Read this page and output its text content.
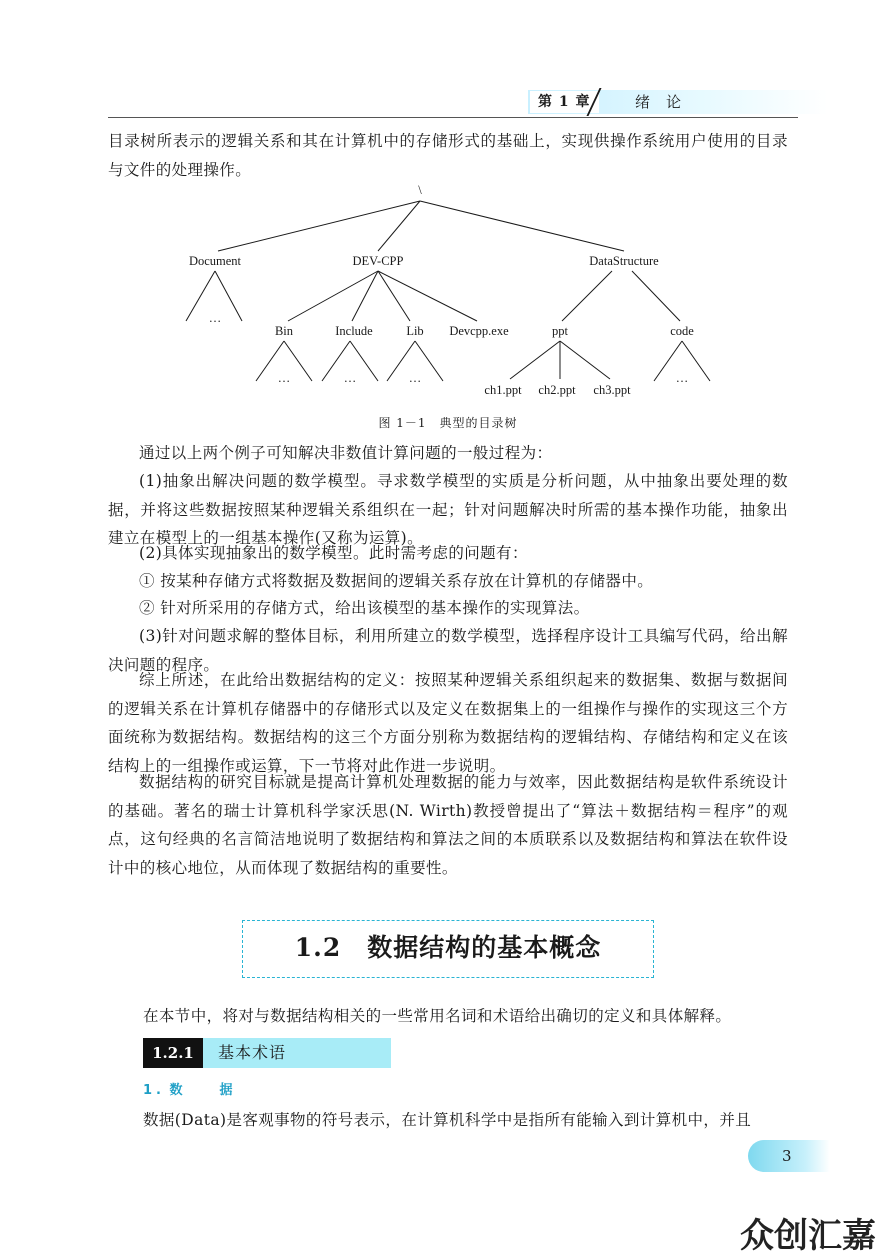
第 1 章	绪论

目录树所表示的逻辑关系和其在计算机中的存储形式的基础上，实现供操作系统用户使用的目录与文件的处理操作。

\
Document	DEV-CPP	DataStructure
Bin	Include	Lib Devcpp.exe	ppt	code
ch1.ppt ch2.ppt ch3.ppt
…
…	…	…	…
图 1－1　典型的目录树

通过以上两个例子可知解决非数值计算问题的一般过程为：

(1)抽象出解决问题的数学模型。寻求数学模型的实质是分析问题，从中抽象出要处理的数据，并将这些数据按照某种逻辑关系组织在一起；针对问题解决时所需的基本操作功能，抽象出建立在模型上的一组基本操作(又称为运算)。

(2)具体实现抽象出的数学模型。此时需考虑的问题有：

① 按某种存储方式将数据及数据间的逻辑关系存放在计算机的存储器中。

② 针对所采用的存储方式，给出该模型的基本操作的实现算法。

(3)针对问题求解的整体目标，利用所建立的数学模型，选择程序设计工具编写代码，给出解决问题的程序。

综上所述，在此给出数据结构的定义：按照某种逻辑关系组织起来的数据集、数据与数据间的逻辑关系在计算机存储器中的存储形式以及定义在数据集上的一组操作与操作的实现这三个方面统称为数据结构。数据结构的这三个方面分别称为数据结构的逻辑结构、存储结构和定义在该结构上的一组操作或运算，下一节将对此作进一步说明。

数据结构的研究目标就是提高计算机处理数据的能力与效率，因此数据结构是软件系统设计的基础。著名的瑞士计算机科学家沃思(N. Wirth)教授曾提出了“算法＋数据结构＝程序”的观点，这句经典的名言简洁地说明了数据结构和算法之间的本质联系以及数据结构和算法在软件设计中的核心地位，从而体现了数据结构的重要性。

1.2　数据结构的基本概念

在本节中，将对与数据结构相关的一些常用名词和术语给出确切的定义和具体解释。

1.2.1	基本术语
1. 数　据

数据(Data)是客观事物的符号表示，在计算机科学中是指所有能输入到计算机中，并且

3
众创汇嘉
